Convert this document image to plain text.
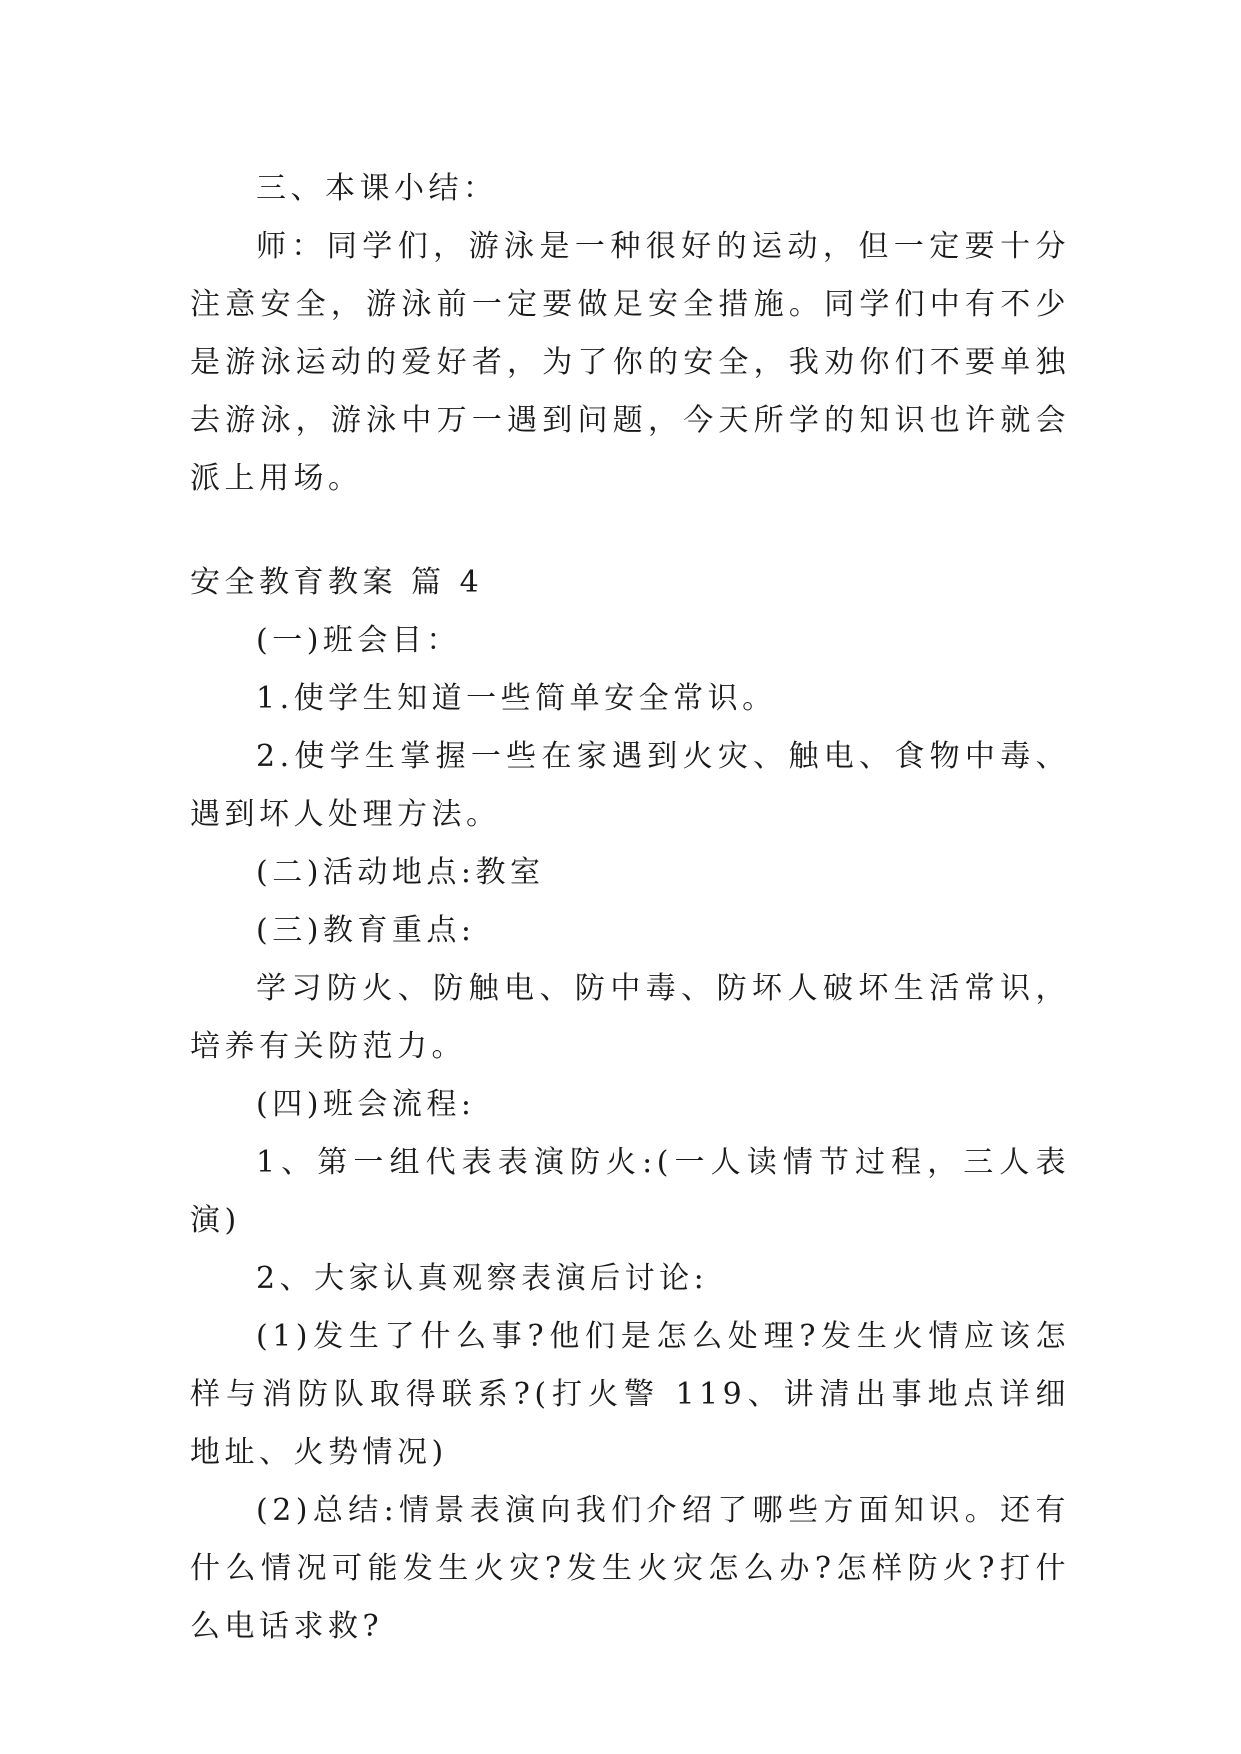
三、本课小结：

师：同学们，游泳是一种很好的运动，但一定要十分注意安全，游泳前一定要做足安全措施。同学们中有不少是游泳运动的爱好者，为了你的安全，我劝你们不要单独去游泳，游泳中万一遇到问题，今天所学的知识也许就会派上用场。

安全教育教案 篇 4

(一)班会目：

1.使学生知道一些简单安全常识。

2.使学生掌握一些在家遇到火灾、触电、食物中毒、遇到坏人处理方法。

(二)活动地点:教室

(三)教育重点:

学习防火、防触电、防中毒、防坏人破坏生活常识，培养有关防范力。

(四)班会流程:

1、第一组代表表演防火:(一人读情节过程，三人表演)

2、大家认真观察表演后讨论:

(1)发生了什么事?他们是怎么处理?发生火情应该怎样与消防队取得联系?(打火警 119、讲清出事地点详细地址、火势情况)

(2)总结:情景表演向我们介绍了哪些方面知识。还有什么情况可能发生火灾?发生火灾怎么办?怎样防火?打什么电话求救?
